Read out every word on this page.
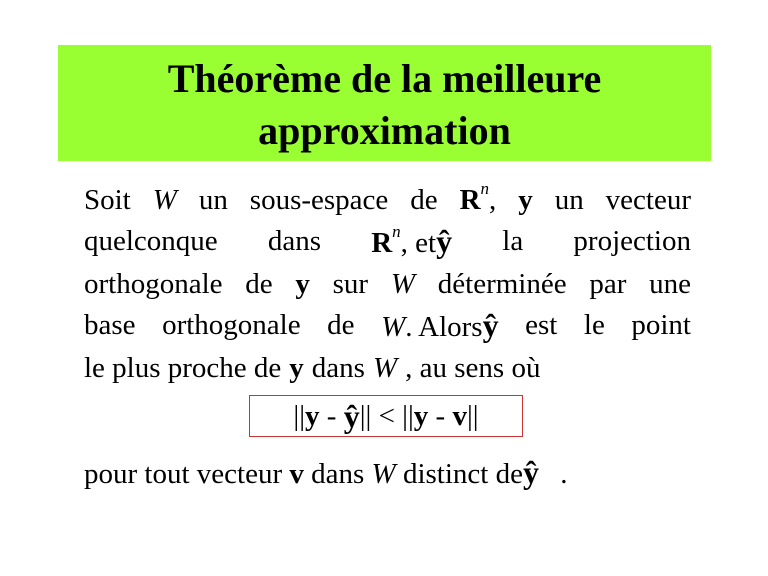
Théorème de la meilleure
approximation
Soit W un sous-espace de $R^n$, y un vecteur
quelconque dans $R^n$, etŷ la projection
orthogonale de y sur W déterminée par une
base orthogonale de W. Alorsŷ est le point
le plus proche de y dans W , au sens où
|| y - ŷ || < || y - v ||
pour tout vecteur v dans W distinct deŷ .
